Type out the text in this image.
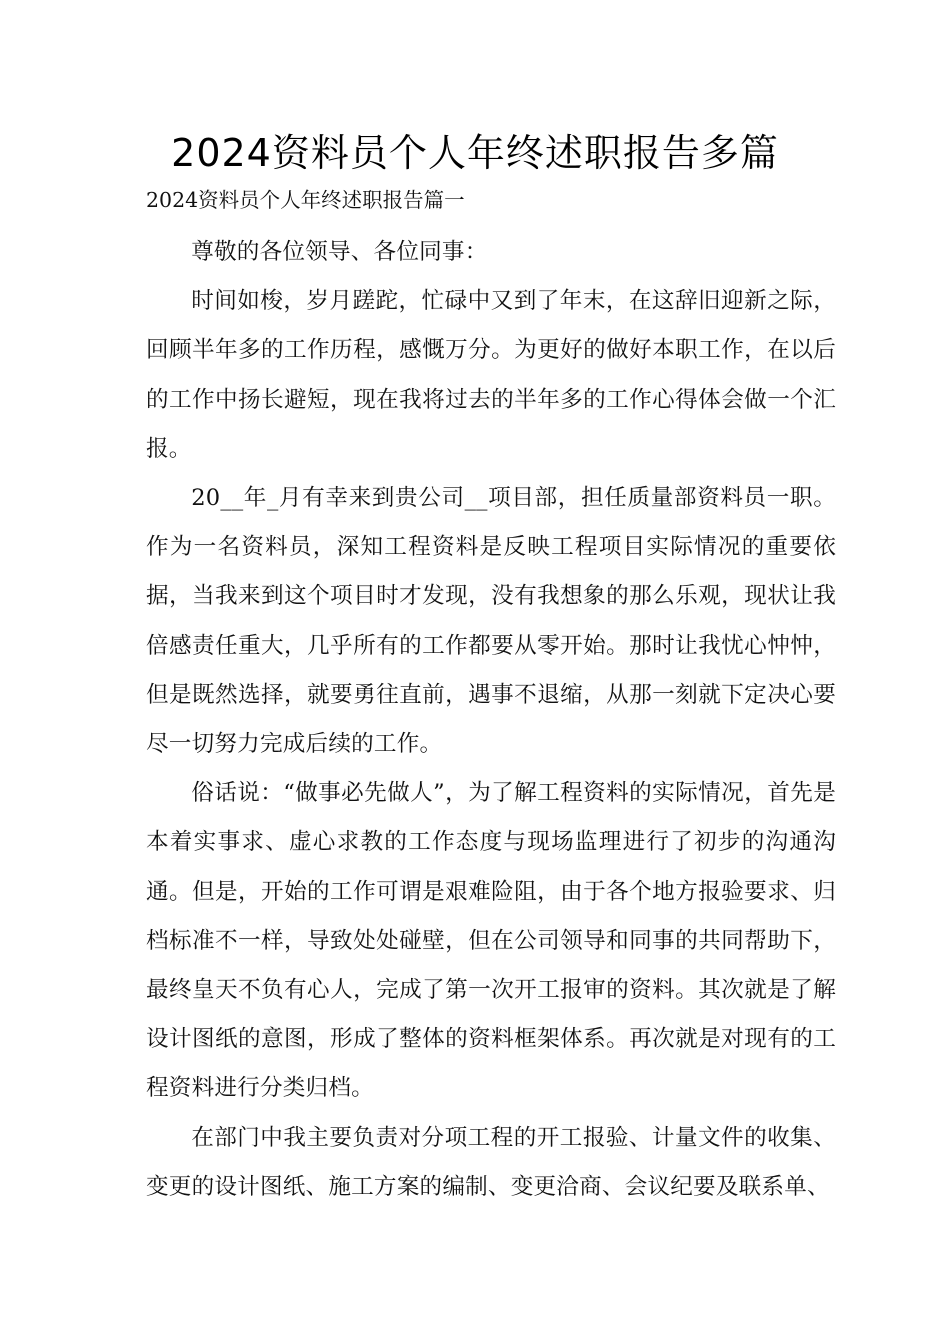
2024资料员个人年终述职报告多篇
2024资料员个人年终述职报告篇一

尊敬的各位领导、各位同事：

时间如梭，岁月蹉跎，忙碌中又到了年末，在这辞旧迎新之际，回顾半年多的工作历程，感慨万分。为更好的做好本职工作，在以后的工作中扬长避短，现在我将过去的半年多的工作心得体会做一个汇报。

20__年_月有幸来到贵公司__项目部，担任质量部资料员一职。作为一名资料员，深知工程资料是反映工程项目实际情况的重要依据，当我来到这个项目时才发现，没有我想象的那么乐观，现状让我倍感责任重大，几乎所有的工作都要从零开始。那时让我忧心忡忡，但是既然选择，就要勇往直前，遇事不退缩，从那一刻就下定决心要尽一切努力完成后续的工作。

俗话说：“做事必先做人”，为了解工程资料的实际情况，首先是本着实事求、虚心求教的工作态度与现场监理进行了初步的沟通沟通。但是，开始的工作可谓是艰难险阻，由于各个地方报验要求、归档标准不一样，导致处处碰壁，但在公司领导和同事的共同帮助下，最终皇天不负有心人，完成了第一次开工报审的资料。其次就是了解设计图纸的意图，形成了整体的资料框架体系。再次就是对现有的工程资料进行分类归档。

在部门中我主要负责对分项工程的开工报验、计量文件的收集、变更的设计图纸、施工方案的编制、变更洽商、会议纪要及联系单、
